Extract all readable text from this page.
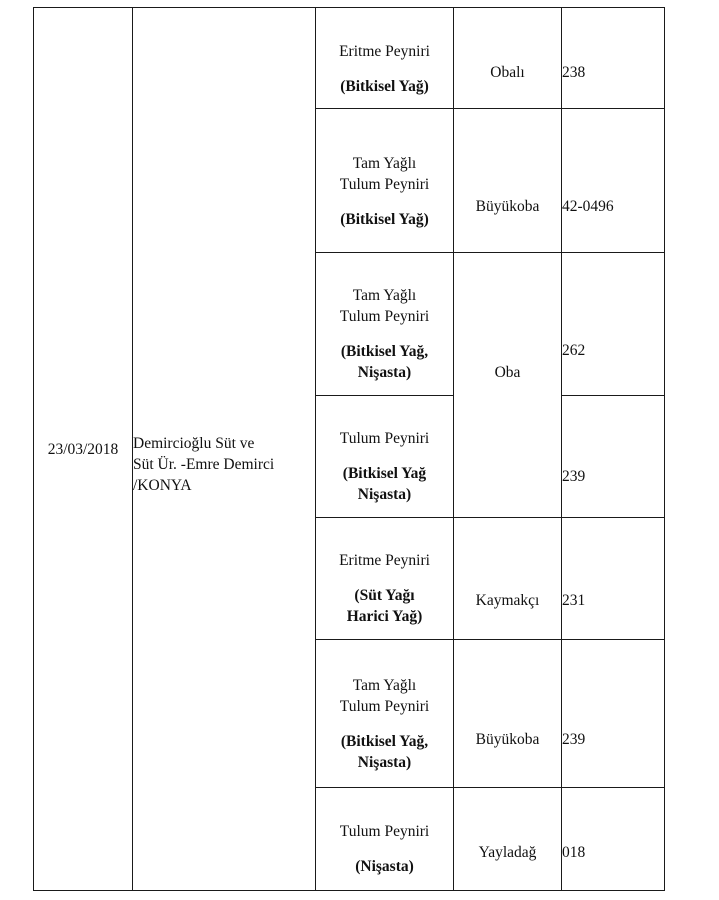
23/03/2018	Demircioğlu Süt ve
Süt Ür. -Emre Demirci
/KONYA	Eritme Peyniri
(Bitkisel Yağ)	Obalı	238

		Tam Yağlı
Tulum Peyniri
(Bitkisel Yağ)	Büyükoba	42-0496

		Tam Yağlı
Tulum Peyniri
(Bitkisel Yağ,
Nişasta)	Oba	262

		Tulum Peyniri
(Bitkisel Yağ
Nişasta)		239

		Eritme Peyniri
(Süt Yağı
Harici Yağ)	Kaymakçı	231

		Tam Yağlı
Tulum Peyniri
(Bitkisel Yağ,
Nişasta)	Büyükoba	239

		Tulum Peyniri
(Nişasta)	Yayladağ	018
